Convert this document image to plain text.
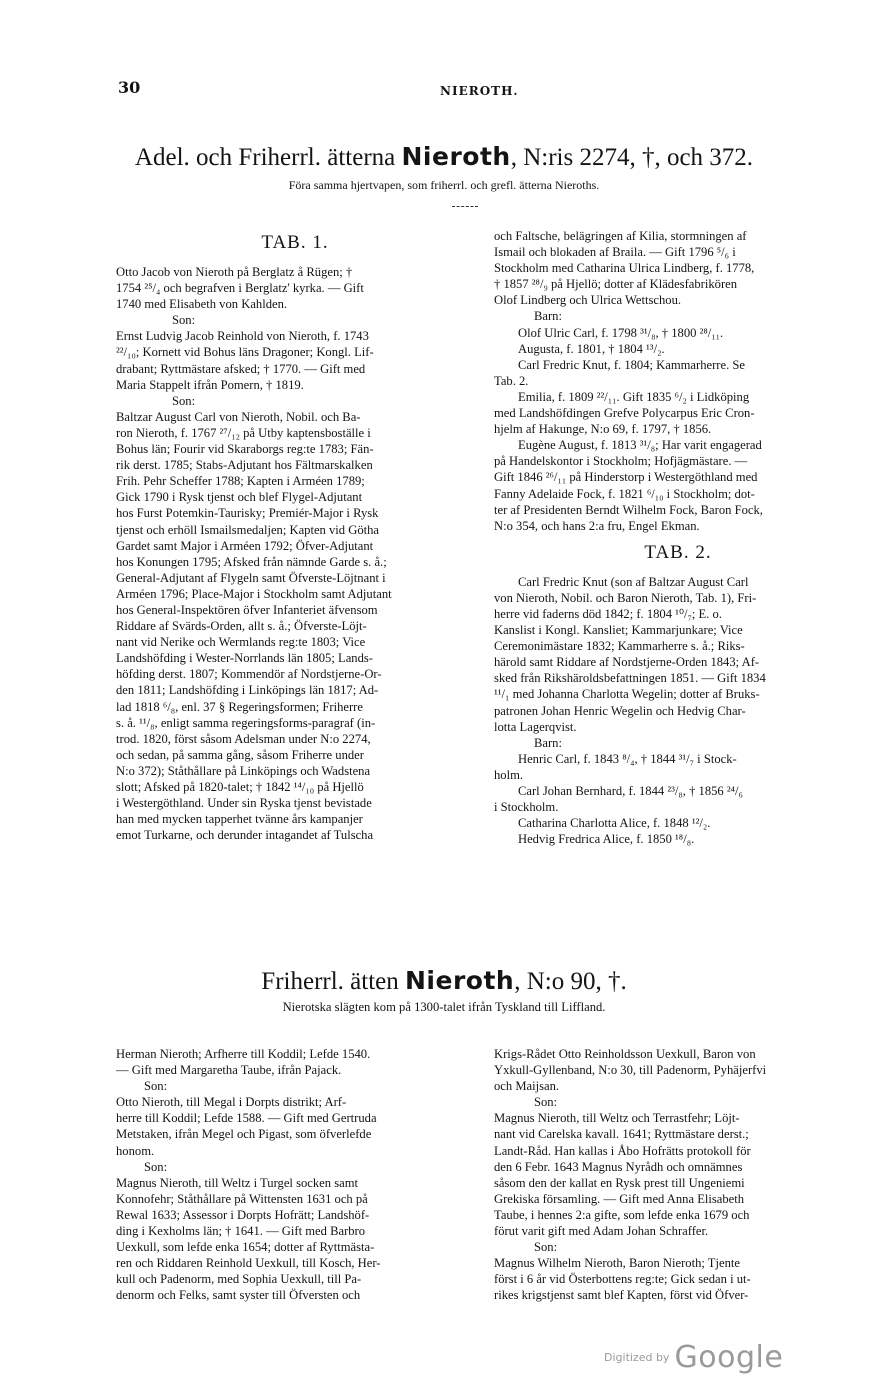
30	NIEROTH.
Adel. och Friherrl. ätterna Nieroth, N:ris 2274, †, och 372.
Föra samma hjertvapen, som friherrl. och grefl. ätterna Nieroths.
TAB. 1.
Otto Jacob von Nieroth på Berglatz å Rügen; †
1754 ²⁵/₄ och begrafven i Berglatz' kyrka. — Gift
1740 med Elisabeth von Kahlden.
Son:
Ernst Ludvig Jacob Reinhold von Nieroth, f. 1743
²²/₁₀; Kornett vid Bohus läns Dragoner; Kongl. Lif-
drabant; Ryttmästare afsked; † 1770. — Gift med
Maria Stappelt ifrån Pomern, † 1819.
Son:
Baltzar August Carl von Nieroth, Nobil. och Ba-
ron Nieroth, f. 1767 ²⁷/₁₂ på Utby kaptensboställe i
Bohus län; Fourir vid Skaraborgs reg:te 1783; Fän-
rik derst. 1785; Stabs-Adjutant hos Fältmarskalken
Frih. Pehr Scheffer 1788; Kapten i Arméen 1789;
Gick 1790 i Rysk tjenst och blef Flygel-Adjutant
hos Furst Potemkin-Taurisky; Premiér-Major i Rysk
tjenst och erhöll Ismailsmedaljen; Kapten vid Götha
Gardet samt Major i Arméen 1792; Öfver-Adjutant
hos Konungen 1795; Afsked från nämnde Garde s. å.;
General-Adjutant af Flygeln samt Öfverste-Löjtnant i
Arméen 1796; Place-Major i Stockholm samt Adjutant
hos General-Inspektören öfver Infanteriet äfvensom
Riddare af Svärds-Orden, allt s. å.; Öfverste-Löjt-
nant vid Nerike och Wermlands reg:te 1803; Vice
Landshöfding i Wester-Norrlands län 1805; Lands-
höfding derst. 1807; Kommendör af Nordstjerne-Or-
den 1811; Landshöfding i Linköpings län 1817; Ad-
lad 1818 ⁶/₈, enl. 37 § Regeringsformen; Friherre
s. å. ¹¹/₈, enligt samma regeringsforms-paragraf (in-
trod. 1820, först såsom Adelsman under N:o 2274,
och sedan, på samma gång, såsom Friherre under
N:o 372); Ståthållare på Linköpings och Wadstena
slott; Afsked på 1820-talet; † 1842 ¹⁴/₁₀ på Hjellö
i Westergöthland. Under sin Ryska tjenst bevistade
han med mycken tapperhet tvänne års kampanjer
emot Turkarne, och derunder intagandet af Tulscha
och Faltsche, belägringen af Kilia, stormningen af
Ismail och blokaden af Braila. — Gift 1796 ⁵/₆ i
Stockholm med Catharina Ulrica Lindberg, f. 1778,
† 1857 ²⁸/₉ på Hjellö; dotter af Klädesfabrikören
Olof Lindberg och Ulrica Wettschou.
Barn:
Olof Ulric Carl, f. 1798 ³¹/₈, † 1800 ²⁸/₁₁.
Augusta, f. 1801, † 1804 ¹³/₂.
Carl Fredric Knut, f. 1804; Kammarherre. Se
Tab. 2.
Emilia, f. 1809 ²²/₁₁. Gift 1835 ⁶/₂ i Lidköping
med Landshöfdingen Grefve Polycarpus Eric Cron-
hjelm af Hakunge, N:o 69, f. 1797, † 1856.
Eugène August, f. 1813 ³¹/₈; Har varit engagerad
på Handelskontor i Stockholm; Hofjägmästare. —
Gift 1846 ²⁶/₁₁ på Hinderstorp i Westergöthland med
Fanny Adelaide Fock, f. 1821 ⁶/₁₀ i Stockholm; dot-
ter af Presidenten Berndt Wilhelm Fock, Baron Fock,
N:o 354, och hans 2:a fru, Engel Ekman.
TAB. 2.
Carl Fredric Knut (son af Baltzar August Carl
von Nieroth, Nobil. och Baron Nieroth, Tab. 1), Fri-
herre vid faderns död 1842; f. 1804 ¹⁰/₇; E. o.
Kanslist i Kongl. Kansliet; Kammarjunkare; Vice
Ceremonimästare 1832; Kammarherre s. å.; Riks-
härold samt Riddare af Nordstjerne-Orden 1843; Af-
sked från Rikshäroldsbefattningen 1851. — Gift 1834
¹¹/₁ med Johanna Charlotta Wegelin; dotter af Bruks-
patronen Johan Henric Wegelin och Hedvig Char-
lotta Lagerqvist.
Barn:
Henric Carl, f. 1843 ⁸/₄, † 1844 ³¹/₇ i Stock-
holm.
Carl Johan Bernhard, f. 1844 ²³/₈, † 1856 ²⁴/₆
i Stockholm.
Catharina Charlotta Alice, f. 1848 ¹²/₂.
Hedvig Fredrica Alice, f. 1850 ¹⁸/₈.
Friherrl. ätten Nieroth, N:o 90, †.
Nierotska slägten kom på 1300-talet ifrån Tyskland till Liffland.
Herman Nieroth; Arfherre till Koddil; Lefde 1540.
— Gift med Margaretha Taube, ifrån Pajack.
Son:
Otto Nieroth, till Megal i Dorpts distrikt; Arf-
herre till Koddil; Lefde 1588. — Gift med Gertruda
Metstaken, ifrån Megel och Pigast, som öfverlefde
honom.
Son:
Magnus Nieroth, till Weltz i Turgel socken samt
Konnofehr; Ståthållare på Wittensten 1631 och på
Rewal 1633; Assessor i Dorpts Hofrätt; Landshöf-
ding i Kexholms län; † 1641. — Gift med Barbro
Uexkull, som lefde enka 1654; dotter af Ryttmästa-
ren och Riddaren Reinhold Uexkull, till Kosch, Her-
kull och Padenorm, med Sophia Uexkull, till Pa-
denorm och Felks, samt syster till Öfversten och
Krigs-Rådet Otto Reinholdsson Uexkull, Baron von
Yxkull-Gyllenband, N:o 30, till Padenorm, Pyhäjerfvi
och Maijsan.
Son:
Magnus Nieroth, till Weltz och Terrastfehr; Löjt-
nant vid Carelska kavall. 1641; Ryttmästare derst.;
Landt-Råd. Han kallas i Åbo Hofrätts protokoll för
den 6 Febr. 1643 Magnus Nyrådh och omnämnes
såsom den der kallat en Rysk prest till Ungeniemi
Grekiska församling. — Gift med Anna Elisabeth
Taube, i hennes 2:a gifte, som lefde enka 1679 och
förut varit gift med Adam Johan Schraffer.
Son:
Magnus Wilhelm Nieroth, Baron Nieroth; Tjente
först i 6 år vid Österbottens reg:te; Gick sedan i ut-
rikes krigstjenst samt blef Kapten, först vid Öfver-
Digitized by Google
